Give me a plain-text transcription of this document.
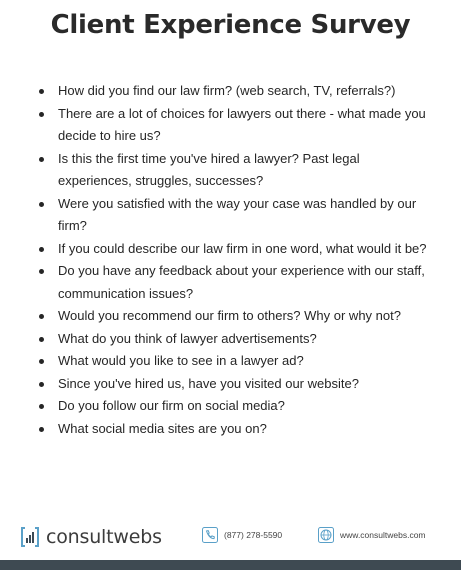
Client Experience Survey
How did you find our law firm? (web search, TV, referrals?)
There are a lot of choices for lawyers out there - what made you decide to hire us?
Is this the first time you've hired a lawyer? Past legal experiences, struggles, successes?
Were you satisfied with the way your case was handled by our firm?
If you could describe our law firm in one word, what would it be?
Do you have any feedback about your experience with our staff, communication issues?
Would you recommend our firm to others? Why or why not?
What do you think of lawyer advertisements?
What would you like to see in a lawyer ad?
Since you've hired us, have you visited our website?
Do you follow our firm on social media?
What social media sites are you on?
consultwebs	(877) 278-5590	www.consultwebs.com
